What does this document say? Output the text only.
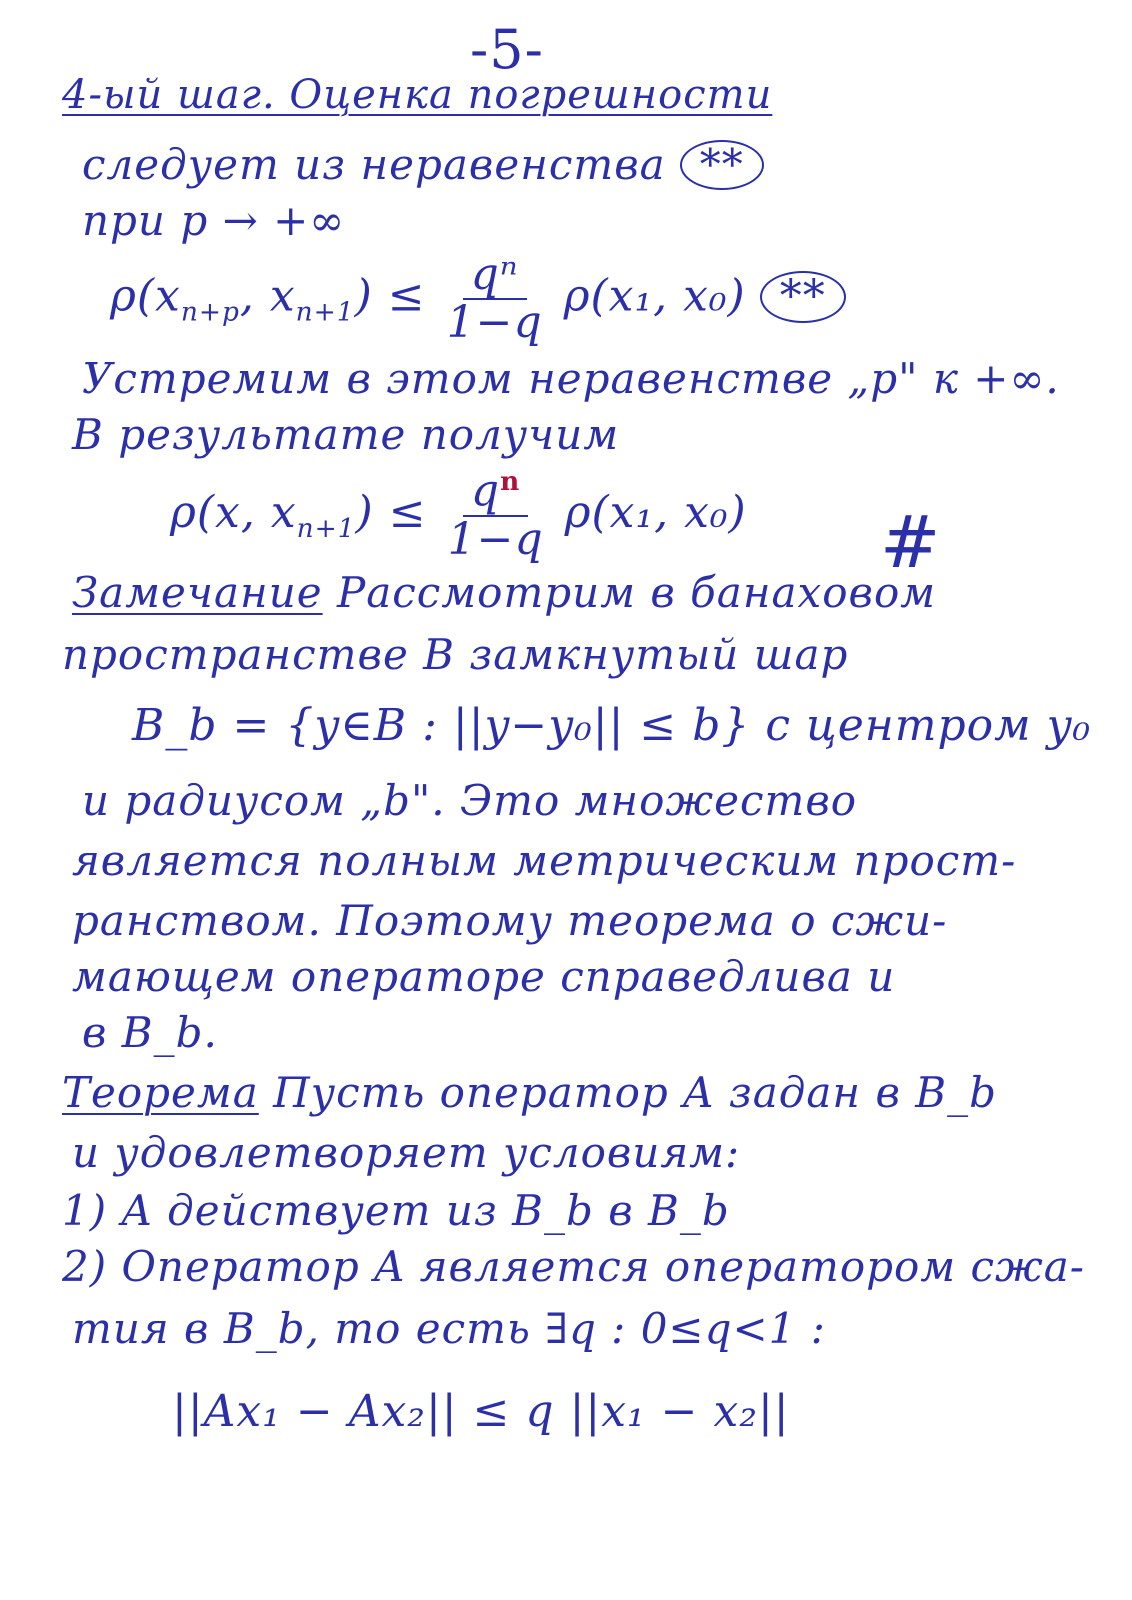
-5-
4-ый шаг. Оценка погрешности
следует из неравенства **
при p → +∞
$\rho(x_{n+p}$, $x_{n+1}) \le \frac{\text{qⁿ}}{1-q} \rho(x_1$, x₀) **
Устремим в этом неравенстве „p" к +∞.
В результате получим
ρ(x, $x_{n+1}) \le \frac{q^n}{1-q} \rho(x_1$, x₀) #
Замечание Рассмотрим в банаховом
пространстве B замкнутый шар
B_b = {y∈B : ||y−y₀|| ≤ b} с центром y₀
и радиусом „b". Это множество
является полным метрическим прост-
ранством. Поэтому теорема о сжи-
мающем операторе справедлива и
в B_b.
Теорема Пусть оператор A задан в B_b
и удовлетворяет условиям:
1) A действует из B_b в B_b
2) Оператор A является оператором сжа-
тия в B_b, то есть ∃q : 0≤q<1 :
||Ax₁ − Ax₂|| ≤ q ||x₁ − x₂||
